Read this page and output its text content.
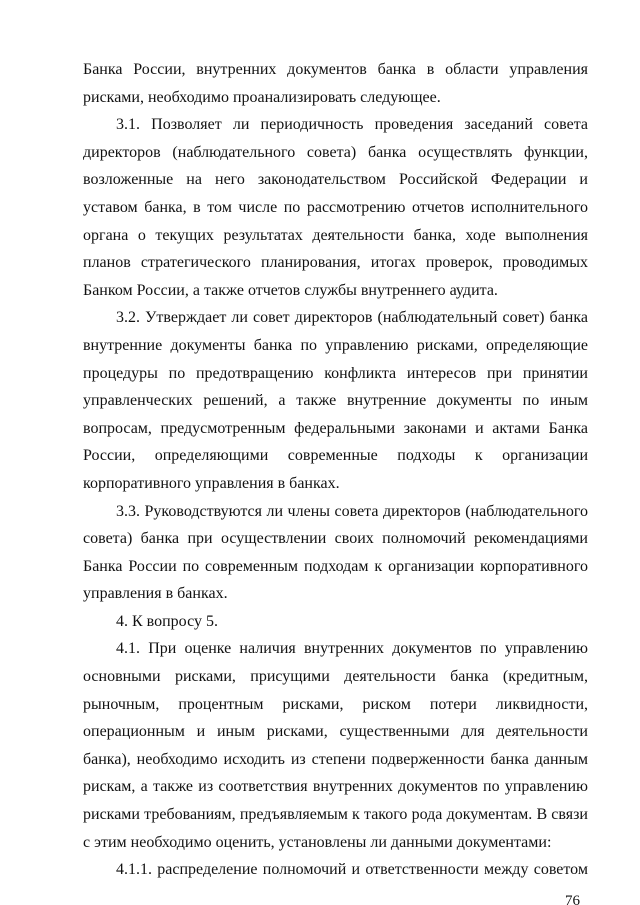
Банка России, внутренних документов банка в области управления рисками, необходимо проанализировать следующее.

3.1. Позволяет ли периодичность проведения заседаний совета директоров (наблюдательного совета) банка осуществлять функции, возложенные на него законодательством Российской Федерации и уставом банка, в том числе по рассмотрению отчетов исполнительного органа о текущих результатах деятельности банка, ходе выполнения планов стратегического планирования, итогах проверок, проводимых Банком России, а также отчетов службы внутреннего аудита.

3.2. Утверждает ли совет директоров (наблюдательный совет) банка внутренние документы банка по управлению рисками, определяющие процедуры по предотвращению конфликта интересов при принятии управленческих решений, а также внутренние документы по иным вопросам, предусмотренным федеральными законами и актами Банка России, определяющими современные подходы к организации корпоративного управления в банках.

3.3. Руководствуются ли члены совета директоров (наблюдательного совета) банка при осуществлении своих полномочий рекомендациями Банка России по современным подходам к организации корпоративного управления в банках.

4. К вопросу 5.

4.1. При оценке наличия внутренних документов по управлению основными рисками, присущими деятельности банка (кредитным, рыночным, процентным рисками, риском потери ликвидности, операционным и иным рисками, существенными для деятельности банка), необходимо исходить из степени подверженности банка данным рискам, а также из соответствия внутренних документов по управлению рисками требованиям, предъявляемым к такого рода документам. В связи с этим необходимо оценить, установлены ли данными документами:

4.1.1. распределение полномочий и ответственности между советом

76
